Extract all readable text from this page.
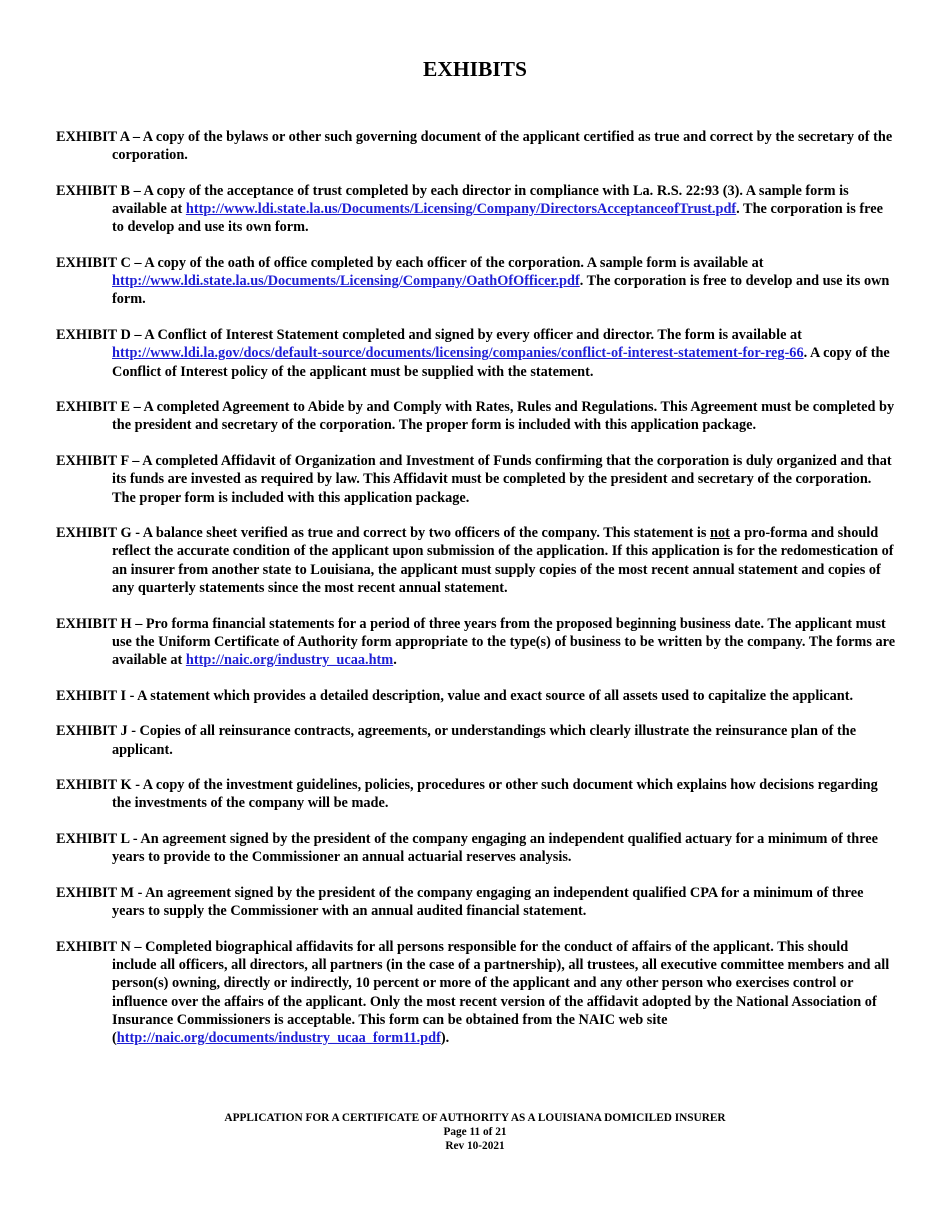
EXHIBITS

EXHIBIT A – A copy of the bylaws or other such governing document of the applicant certified as true and correct by the secretary of the corporation.

EXHIBIT B – A copy of the acceptance of trust completed by each director in compliance with La. R.S. 22:93 (3). A sample form is available at http://www.ldi.state.la.us/Documents/Licensing/Company/DirectorsAcceptanceofTrust.pdf. The corporation is free to develop and use its own form.

EXHIBIT C – A copy of the oath of office completed by each officer of the corporation. A sample form is available at http://www.ldi.state.la.us/Documents/Licensing/Company/OathOfOfficer.pdf. The corporation is free to develop and use its own form.

EXHIBIT D – A Conflict of Interest Statement completed and signed by every officer and director. The form is available at http://www.ldi.la.gov/docs/default-source/documents/licensing/companies/conflict-of-interest-statement-for-reg-66. A copy of the Conflict of Interest policy of the applicant must be supplied with the statement.

EXHIBIT E – A completed Agreement to Abide by and Comply with Rates, Rules and Regulations. This Agreement must be completed by the president and secretary of the corporation. The proper form is included with this application package.

EXHIBIT F – A completed Affidavit of Organization and Investment of Funds confirming that the corporation is duly organized and that its funds are invested as required by law. This Affidavit must be completed by the president and secretary of the corporation. The proper form is included with this application package.

EXHIBIT G - A balance sheet verified as true and correct by two officers of the company. This statement is not a pro-forma and should reflect the accurate condition of the applicant upon submission of the application. If this application is for the redomestication of an insurer from another state to Louisiana, the applicant must supply copies of the most recent annual statement and copies of any quarterly statements since the most recent annual statement.

EXHIBIT H – Pro forma financial statements for a period of three years from the proposed beginning business date. The applicant must use the Uniform Certificate of Authority form appropriate to the type(s) of business to be written by the company. The forms are available at http://naic.org/industry_ucaa.htm.

EXHIBIT I - A statement which provides a detailed description, value and exact source of all assets used to capitalize the applicant.

EXHIBIT J - Copies of all reinsurance contracts, agreements, or understandings which clearly illustrate the reinsurance plan of the applicant.

EXHIBIT K - A copy of the investment guidelines, policies, procedures or other such document which explains how decisions regarding the investments of the company will be made.

EXHIBIT L - An agreement signed by the president of the company engaging an independent qualified actuary for a minimum of three years to provide to the Commissioner an annual actuarial reserves analysis.

EXHIBIT M - An agreement signed by the president of the company engaging an independent qualified CPA for a minimum of three years to supply the Commissioner with an annual audited financial statement.

EXHIBIT N – Completed biographical affidavits for all persons responsible for the conduct of affairs of the applicant. This should include all officers, all directors, all partners (in the case of a partnership), all trustees, all executive committee members and all person(s) owning, directly or indirectly, 10 percent or more of the applicant and any other person who exercises control or influence over the affairs of the applicant. Only the most recent version of the affidavit adopted by the National Association of Insurance Commissioners is acceptable. This form can be obtained from the NAIC web site (http://naic.org/documents/industry_ucaa_form11.pdf).

APPLICATION FOR A CERTIFICATE OF AUTHORITY AS A LOUISIANA DOMICILED INSURER
Page 11 of 21
Rev 10-2021
